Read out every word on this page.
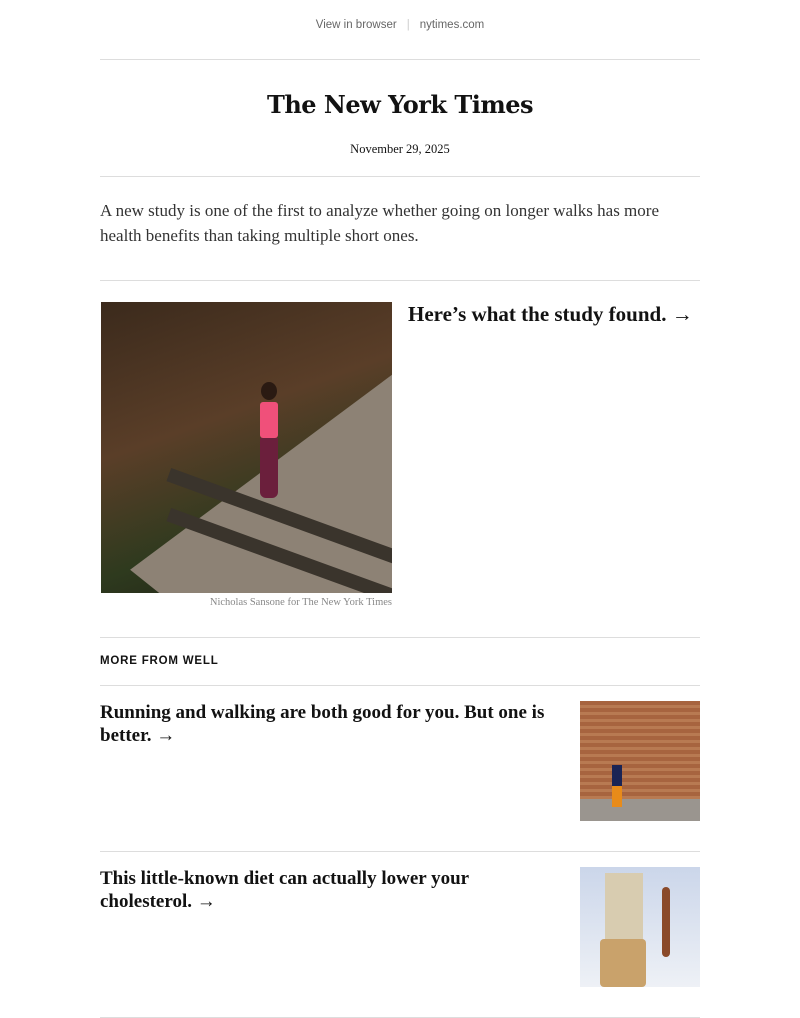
View in browser | nytimes.com
The New York Times
November 29, 2025

A new study is one of the first to analyze whether going on longer walks has more health benefits than taking multiple short ones.

Nicholas Sansone for The New York Times
Here’s what the study found. →
MORE FROM WELL
Running and walking are both good for you. But one is better. →
This little-known diet can actually lower your cholesterol. →
